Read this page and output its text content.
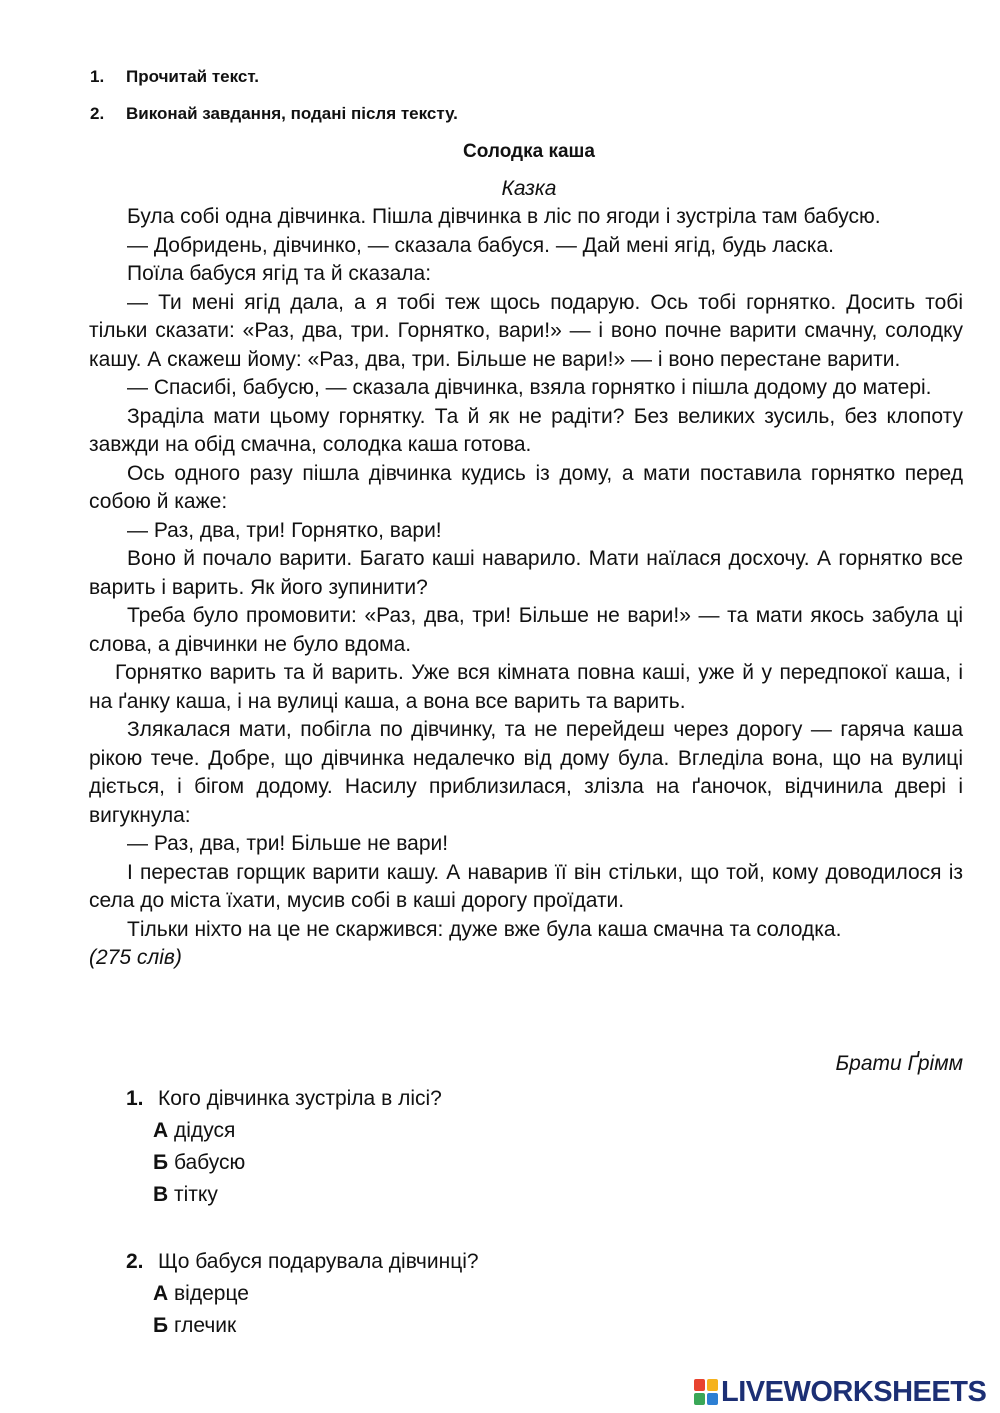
1. Прочитай текст.
2. Виконай завдання, подані після тексту.
Солодка каша
Казка

Була собі одна дівчинка. Пішла дівчинка в ліс по ягоди і зустріла там бабусю.

— Добридень, дівчинко, — сказала бабуся. — Дай мені ягід, будь ласка.

Поїла бабуся ягід та й сказала:

— Ти мені ягід дала, а я тобі теж щось подарую. Ось тобі горнятко. Досить тобі тільки сказати: «Раз, два, три. Горнятко, вари!» — і воно почне варити смачну, солодку кашу. А скажеш йому: «Раз, два, три. Більше не вари!» — і воно перестане варити.

— Спасибі, бабусю, — сказала дівчинка, взяла горнятко і пішла додому до матері.

Зраділа мати цьому горнятку. Та й як не радіти? Без великих зусиль, без клопоту завжди на обід смачна, солодка каша готова.

Ось одного разу пішла дівчинка кудись із дому, а мати поставила горнятко перед собою й каже:

— Раз, два, три! Горнятко, вари!

Воно й почало варити. Багато каші наварило. Мати наїлася досхочу. А горнятко все варить і варить. Як його зупинити?

Треба було промовити: «Раз, два, три! Більше не вари!» — та мати якось забула ці слова, а дівчинки не було вдома.

Горнятко варить та й варить. Уже вся кімната повна каші, уже й у передпокої каша, і на ґанку каша, і на вулиці каша, а вона все варить та варить.

Злякалася мати, побігла по дівчинку, та не перейдеш через дорогу — гаряча каша рікою тече. Добре, що дівчинка недалечко від дому була. Вгледіла вона, що на вулиці діється, і бігом додому. Насилу приблизилася, злізла на ґаночок, відчинила двері і вигукнула:

— Раз, два, три! Більше не вари!

І перестав горщик варити кашу. А наварив її він стільки, що той, кому доводилося із села до міста їхати, мусив собі в каші дорогу проїдати.

Тільки ніхто на це не скаржився: дуже вже була каша смачна та солодка.

(275 слів)
Брати Ґрімм
1. Кого дівчинка зустріла в лісі?
А дідуся
Б бабусю
В тітку
2. Що бабуся подарувала дівчинці?
А відерце
Б глечик
LIVEWORKSHEETS
